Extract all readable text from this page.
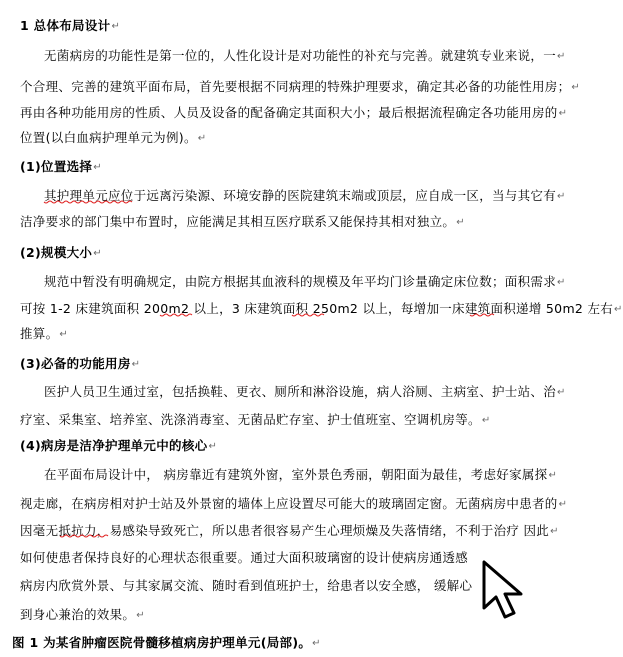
1 总体布局设计↵
无菌病房的功能性是第一位的，人性化设计是对功能性的补充与完善。就建筑专业来说，一↵
个合理、完善的建筑平面布局，首先要根据不同病理的特殊护理要求，确定其必备的功能性用房；↵
再由各种功能用房的性质、人员及设备的配备确定其面积大小；最后根据流程确定各功能用房的↵
位置(以白血病护理单元为例)。↵
(1)位置选择↵
其护理单元应位于远离污染源、环境安静的医院建筑末端或顶层，应自成一区，当与其它有↵
洁净要求的部门集中布置时，应能满足其相互医疗联系又能保持其相对独立。↵
(2)规模大小↵
规范中暂没有明确规定，由院方根据其血液科的规模及年平均门诊量确定床位数；面积需求↵
可按 1-2 床建筑面积 200m2 以上，3 床建筑面积 250m2 以上，每增加一床建筑面积递增 50m2 左右↵
推算。↵
(3)必备的功能用房↵
医护人员卫生通过室，包括换鞋、更衣、厕所和淋浴设施，病人浴厕、主病室、护士站、治↵
疗室、采集室、培养室、洗涤消毒室、无菌品贮存室、护士值班室、空调机房等。↵
(4)病房是洁净护理单元中的核心↵
在平面布局设计中， 病房靠近有建筑外窗，室外景色秀丽，朝阳面为最佳，考虑好家属探↵
视走廊，在病房相对护士站及外景窗的墙体上应设置尽可能大的玻璃固定窗。无菌病房中患者的↵
因毫无抵抗力，易感染导致死亡，所以患者很容易产生心理烦燥及失落情绪，不利于治疗 因此↵
如何使患者保持良好的心理状态很重要。通过大面积玻璃窗的设计使病房通透感
病房内欣赏外景、与其家属交流、随时看到值班护士，给患者以安全感， 缓解心
到身心兼治的效果。↵
图 1 为某省肿瘤医院骨髓移植病房护理单元(局部)。↵
